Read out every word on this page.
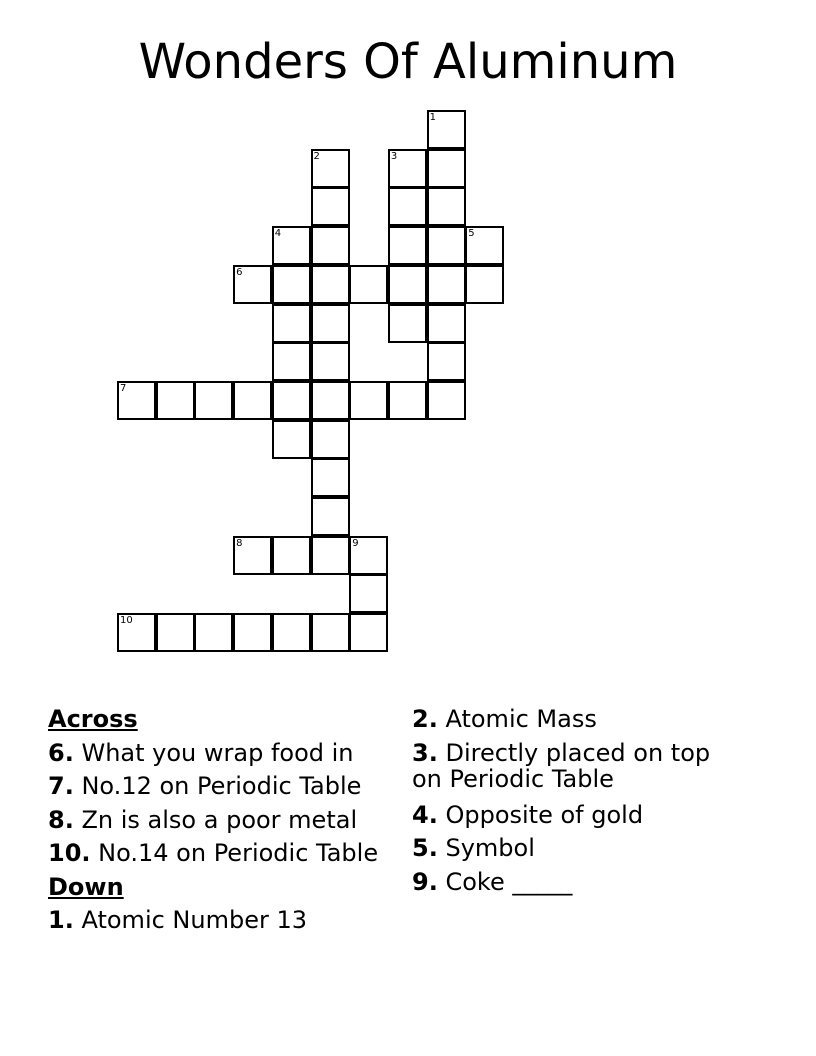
Wonders Of Aluminum
1
2	3
4	5
6
7
8	9
10
Across
6. What you wrap food in
7. No.12 on Periodic Table
8. Zn is also a poor metal
10. No.14 on Periodic Table
Down
1. Atomic Number 13
2. Atomic Mass
3. Directly placed on top on Periodic Table
4. Opposite of gold
5. Symbol
9. Coke _____
